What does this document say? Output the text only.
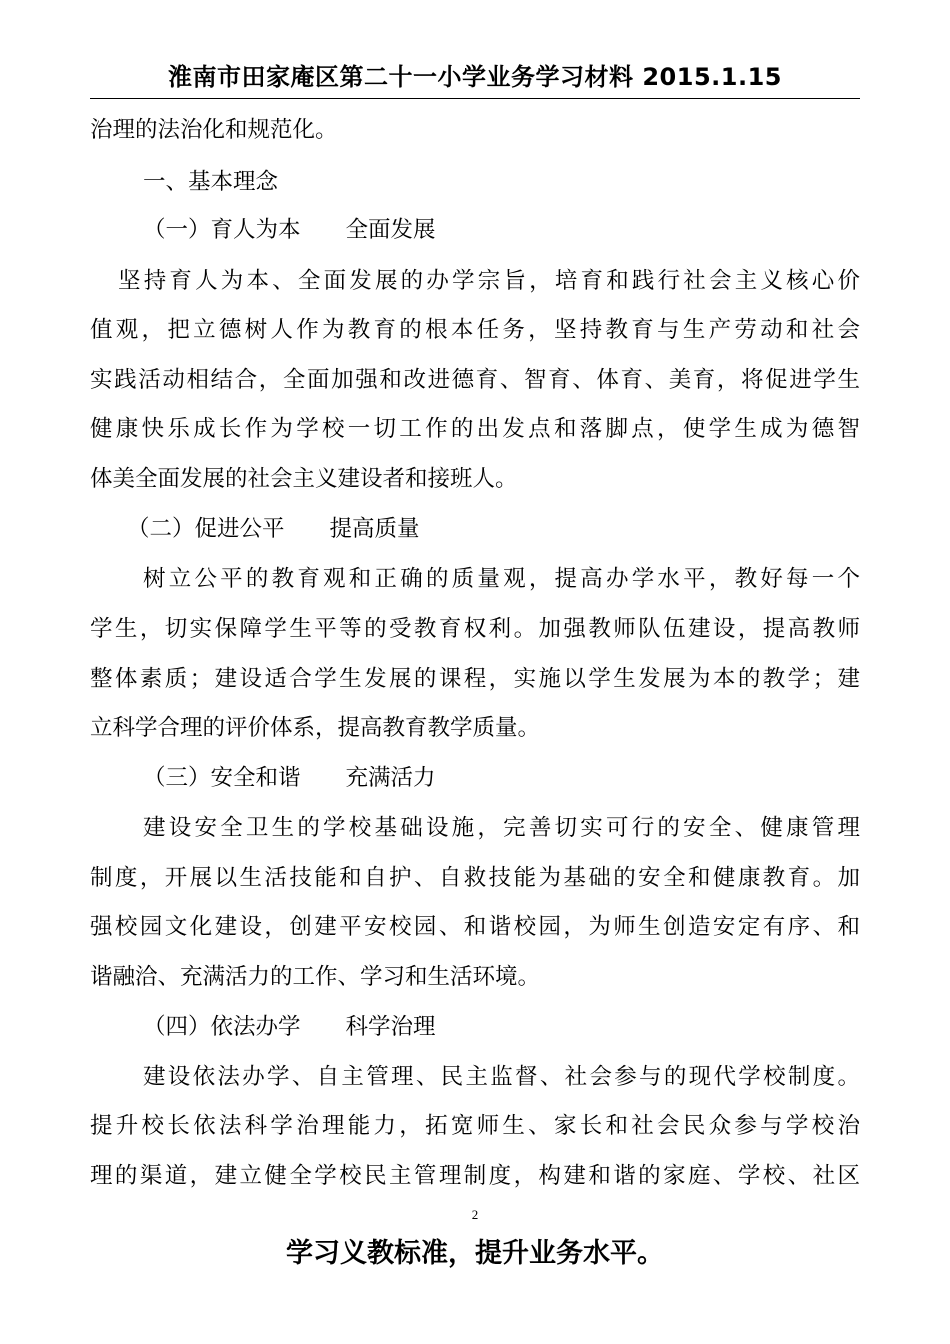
淮南市田家庵区第二十一小学业务学习材料 2015.1.15
治理的法治化和规范化。
一、基本理念
（一）育人为本　　全面发展
坚持育人为本、全面发展的办学宗旨，培育和践行社会主义核心价
值观，把立德树人作为教育的根本任务，坚持教育与生产劳动和社会
实践活动相结合，全面加强和改进德育、智育、体育、美育，将促进学生
健康快乐成长作为学校一切工作的出发点和落脚点，使学生成为德智
体美全面发展的社会主义建设者和接班人。
（二）促进公平　　提高质量
树立公平的教育观和正确的质量观，提高办学水平，教好每一个
学生，切实保障学生平等的受教育权利。加强教师队伍建设，提高教师
整体素质；建设适合学生发展的课程，实施以学生发展为本的教学；建
立科学合理的评价体系，提高教育教学质量。
（三）安全和谐　　充满活力
建设安全卫生的学校基础设施，完善切实可行的安全、健康管理
制度，开展以生活技能和自护、自救技能为基础的安全和健康教育。加
强校园文化建设，创建平安校园、和谐校园，为师生创造安定有序、和
谐融洽、充满活力的工作、学习和生活环境。
（四）依法办学　　科学治理
建设依法办学、自主管理、民主监督、社会参与的现代学校制度。
提升校长依法科学治理能力，拓宽师生、家长和社会民众参与学校治
理的渠道，建立健全学校民主管理制度，构建和谐的家庭、学校、社区
2
学习义教标准，提升业务水平。
